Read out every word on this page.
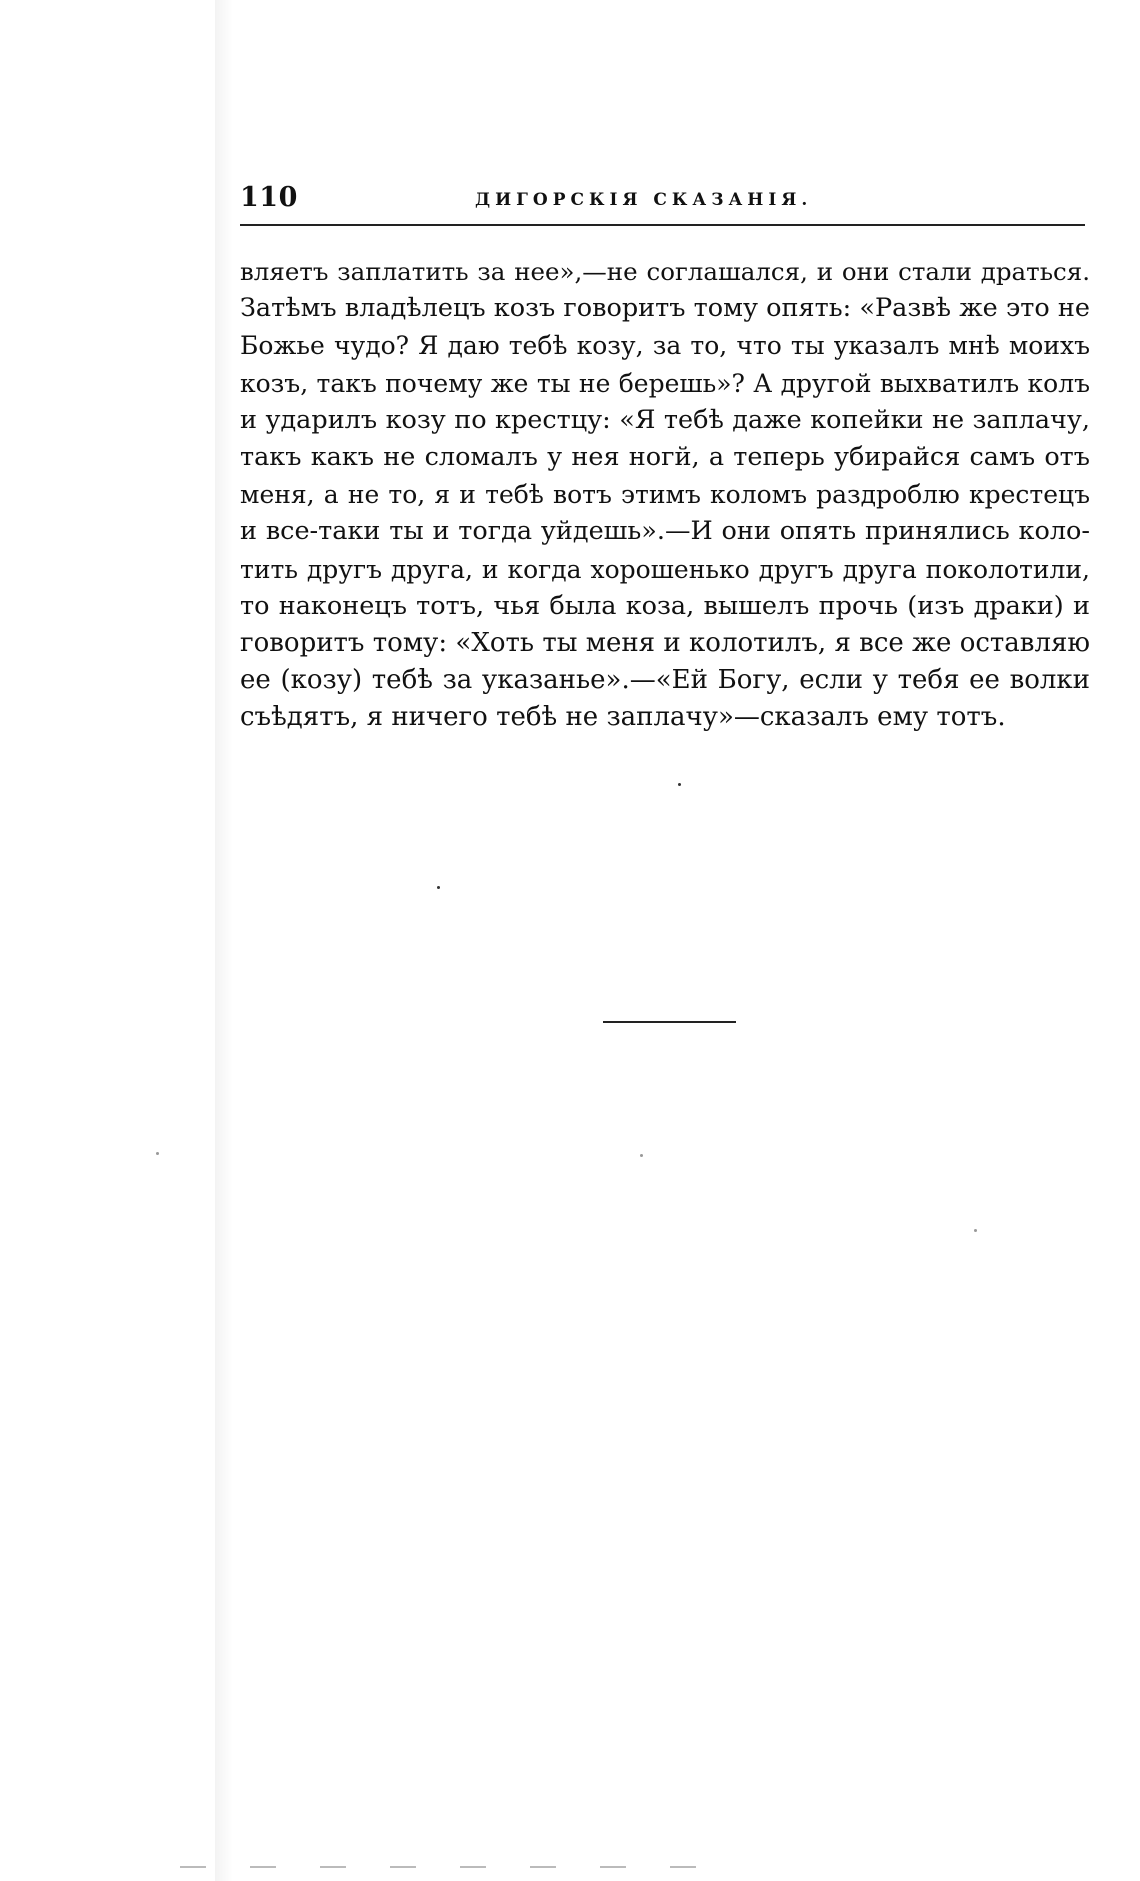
110	ДИГОРСКІЯ СКАЗАНІЯ.
вляетъ заплатить за нее»,—не соглашался, и они стали драться.
Затѣмъ владѣлецъ козъ говоритъ тому опять: «Развѣ же это не
Божье чудо? Я даю тебѣ козу, за то, что ты указалъ мнѣ моихъ
козъ, такъ почему же ты не берешь»? А другой выхватилъ колъ
и ударилъ козу по крестцу: «Я тебѣ даже копейки не заплачу,
такъ какъ не сломалъ у нея ногй, а теперь убирайся самъ отъ
меня, а не то, я и тебѣ вотъ этимъ коломъ раздроблю крестецъ
и все-таки ты и тогда уйдешь».—И они опять принялись коло-
тить другъ друга, и когда хорошенько другъ друга поколотили,
то наконецъ тотъ, чья была коза, вышелъ прочь (изъ драки) и
говоритъ тому: «Хоть ты меня и колотилъ, я все же оставляю
ее (козу) тебѣ за указанье».—«Ей Богу, если у тебя ее волки
съѣдятъ, я ничего тебѣ не заплачу»—сказалъ ему тотъ.
